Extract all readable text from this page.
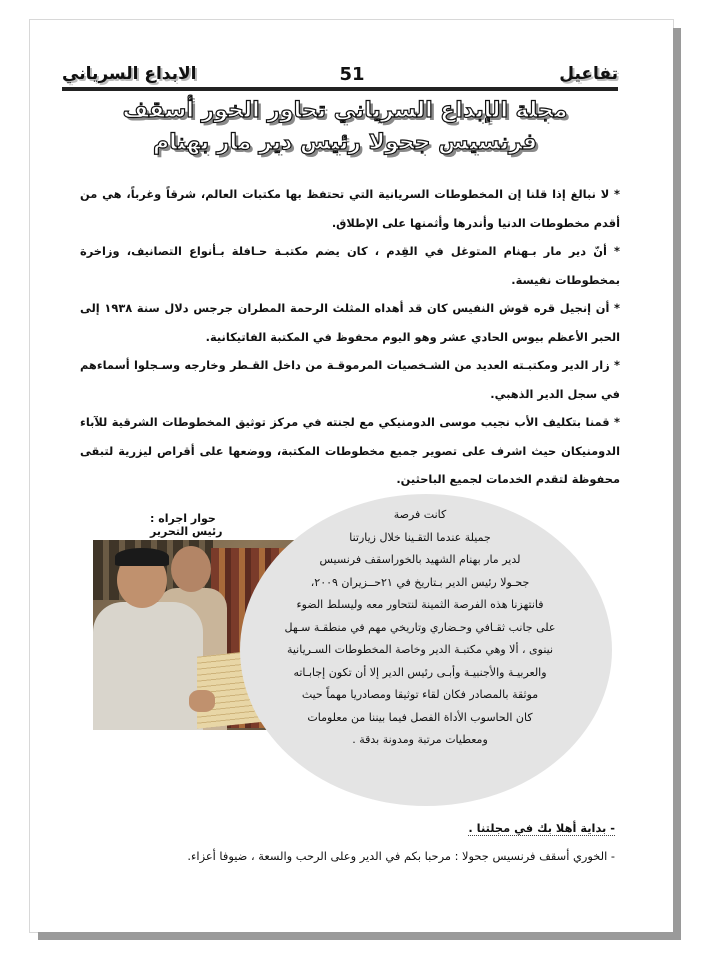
الابداع السرياني	51	تفاعيل
مجلة الإبداع السرياني تحاور الخور أسقف
فرنسيس جحولا رئيس دير مار بهنام

* لا نبالغ إذا قلنا إن المخطوطات السريانية التي تحتفظ بها مكتبات العالم، شرقاً وغرباً، هي من أقدم مخطوطات الدنيا وأندرها وأثمنها على الإطلاق.

* أنّ دير مار بـهنام المتوغل في القِدم ، كان يضم مكتبـة حـافلة بـأنواع التصانيف، وزاخرة بمخطوطات نفيسة.

* أن إنجيل قره قوش النفيس كان قد أهداه المثلث الرحمة المطران جرجس دلال سنة ١٩٣٨ إلى الحبر الأعظم بيوس الحادي عشر وهو اليوم محفوظ في المكتبة الفاتيكانية.

* زار الدير ومكتبـته العديد من الشـخصيات المرموقـة من داخل القـطر وخارجه وسـجلوا أسماءهم في سجل الدير الذهبي.

* قمنا بتكليف الأب نجيب موسى الدومنيكي مع لجنته في مركز توثيق المخطوطات الشرقية للآباء الدومنيكان حيث اشرف على تصوير جميع مخطوطات المكتبة، ووضعها على أقراص ليزرية لتبقى محفوظة لتقدم الخدمات لجميع الباحثين.

حوار اجراه : رئيس التحرير

كانت فرصة

جميلة عندما التقـينا خلال زيارتنا

لدير مار بهنام الشهيد بالخوراسقف فرنسيس

جحـولا رئيس الدير بـتاريخ في ٢١حــزيران ٢٠٠٩،

فانتهزنا هذه الفرصة الثمينة لنتحاور معه وليسلط الضوء

على جانب ثقـافي وحـضاري وتاريخي مهم في منطقـة سـهل

نينوى ، ألا وهي مكتبـة الدير وخاصة المخطوطات السـريانية

والعربيـة والأجنبيـة وأبـى رئيس الدير إلا أن تكون إجابـاته

موثقة بالمصادر فكان لقاء توثيقا ومصادريا مهماً حيث

كان الحاسوب الأداة الفصل فيما بيننا من معلومات

ومعطيات مرتبة ومدونة بدقة .

- بداية أهلا بك في مجلتنا .

- الخوري أسقف فرنسيس جحولا : مرحبا بكم في الدير وعلى الرحب والسعة ، ضيوفا أعزاء.
